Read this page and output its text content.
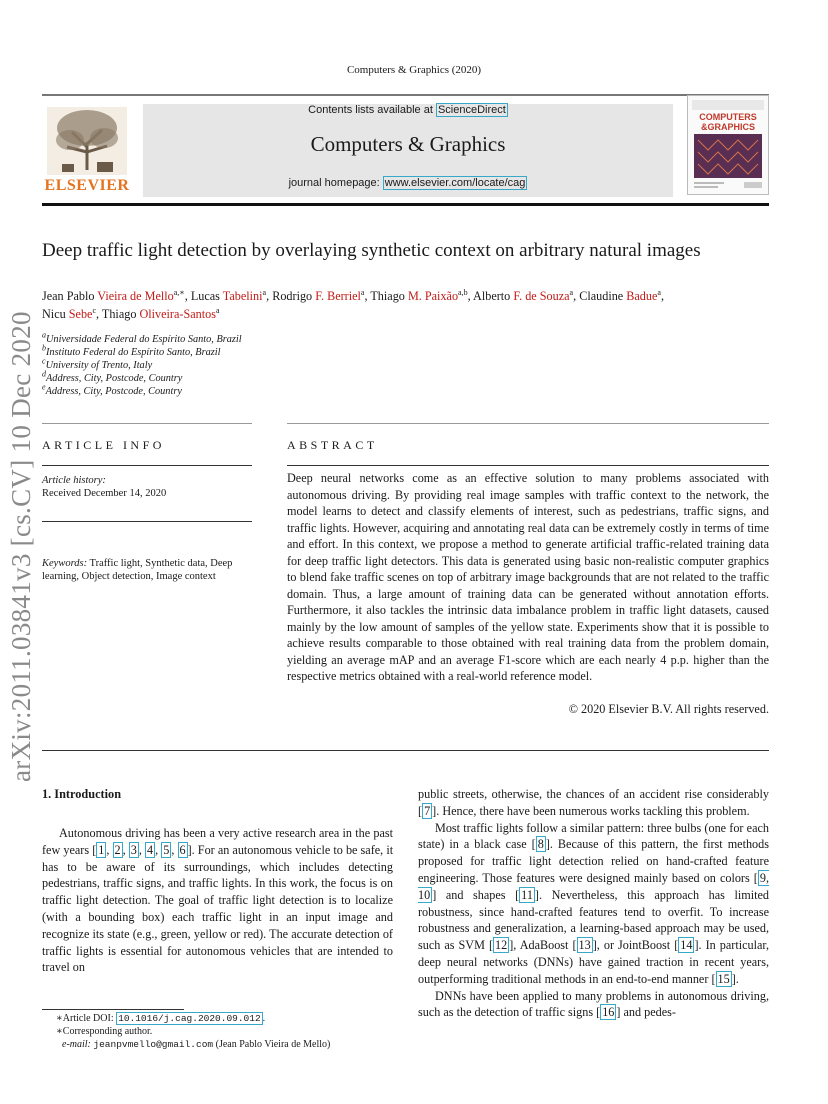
Computers & Graphics (2020)
ELSEVIER
Contents lists available at ScienceDirect
Computers & Graphics
journal homepage: www.elsevier.com/locate/cag
COMPUTERS
&GRAPHICS
arXiv:2011.03841v3 [cs.CV] 10 Dec 2020
Deep traffic light detection by overlaying synthetic context on arbitrary natural images
Jean Pablo Vieira de Mello$^{a,∗}$, Lucas Tabelini$^a$, Rodrigo F. Berriel$^a$, Thiago M. Paixão$^{a,b}$, Alberto F. de Souza$^a$, Claudine Badue$^a$,
Nicu Sebe$^c$, Thiago Oliveira-Santos$^a$
$^a$Universidade Federal do Espírito Santo, Brazil
$^b$Instituto Federal do Espírito Santo, Brazil
$^c$University of Trento, Italy
$^d$Address, City, Postcode, Country
$^e$Address, City, Postcode, Country
ARTICLE INFO	ABSTRACT
Article history:
Received December 14, 2020
Keywords: Traffic light, Synthetic data, Deep learning, Object detection, Image context
Deep neural networks come as an effective solution to many problems associated with autonomous driving. By providing real image samples with traffic context to the network, the model learns to detect and classify elements of interest, such as pedestrians, traffic signs, and traffic lights. However, acquiring and annotating real data can be extremely costly in terms of time and effort. In this context, we propose a method to generate artificial traffic-related training data for deep traffic light detectors. This data is generated using basic non-realistic computer graphics to blend fake traffic scenes on top of arbitrary image backgrounds that are not related to the traffic domain. Thus, a large amount of training data can be generated without annotation efforts. Furthermore, it also tackles the intrinsic data imbalance problem in traffic light datasets, caused mainly by the low amount of samples of the yellow state. Experiments show that it is possible to achieve results comparable to those obtained with real training data from the problem domain, yielding an average mAP and an average F1-score which are each nearly 4 p.p. higher than the respective metrics obtained with a real-world reference model.
© 2020 Elsevier B.V. All rights reserved.
1. Introduction
Autonomous driving has been a very active research area in the past few years [ 1 , 2 , 3 , 4 , 5 , 6 ]. For an autonomous vehicle to be safe, it has to be aware of its surroundings, which includes detecting pedestrians, traffic signs, and traffic lights. In this work, the focus is on traffic light detection. The goal of traffic light detection is to localize (with a bounding box) each traffic light in an input image and recognize its state (e.g., green, yellow or red). The accurate detection of traffic lights is essential for autonomous vehicles that are intended to travel on
public streets, otherwise, the chances of an accident rise considerably [ 7 ]. Hence, there have been numerous works tackling this problem.
Most traffic lights follow a similar pattern: three bulbs (one for each state) in a black case [ 8 ]. Because of this pattern, the first methods proposed for traffic light detection relied on hand-crafted feature engineering. Those features were designed mainly based on colors [ 9, 10 ] and shapes [ 11 ]. Nevertheless, this approach has limited robustness, since hand-crafted features tend to overfit. To increase robustness and generalization, a learning-based approach may be used, such as SVM [ 12 ], AdaBoost [ 13 ], or JointBoost [ 14 ]. In particular, deep neural networks (DNNs) have gained traction in recent years, outperforming traditional methods in an end-to-end manner [ 15 ].
DNNs have been applied to many problems in autonomous driving, such as the detection of traffic signs [ 16 ] and pedes-
∗Article DOI: 10.1016/j.cag.2020.09.012 .
∗Corresponding author.
e-mail: jeanpvmello@gmail.com (Jean Pablo Vieira de Mello)
